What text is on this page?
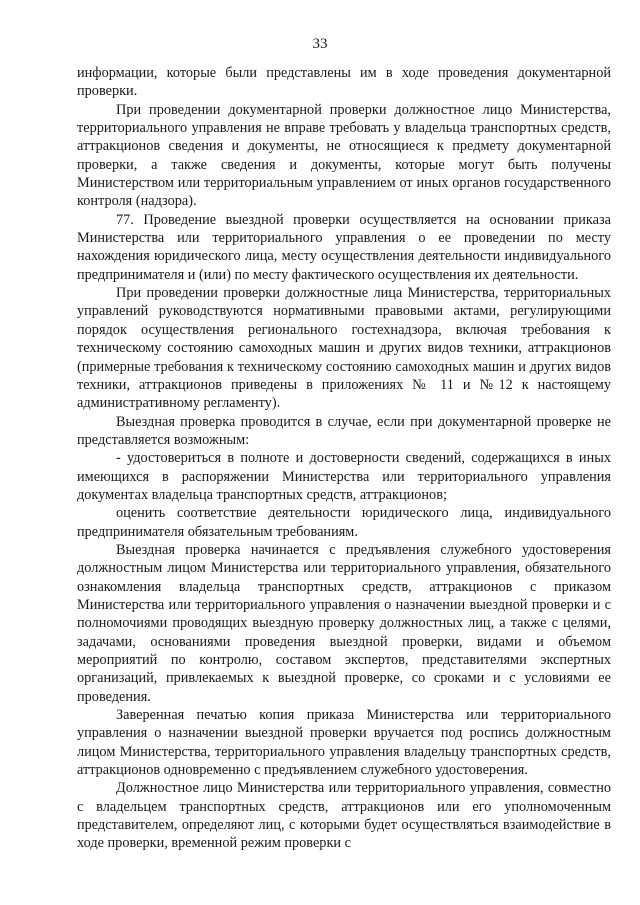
33

информации, которые были представлены им в ходе проведения документарной проверки.

При проведении документарной проверки должностное лицо Министерства, территориального управления не вправе требовать у владельца транспортных средств, аттракционов сведения и документы, не относящиеся к предмету документарной проверки, а также сведения и документы, которые могут быть получены Министерством или территориальным управлением от иных органов государственного контроля (надзора).

77. Проведение выездной проверки осуществляется на основании приказа Министерства или территориального управления о ее проведении по месту нахождения юридического лица, месту осуществления деятельности индивидуального предпринимателя и (или) по месту фактического осуществления их деятельности.

При проведении проверки должностные лица Министерства, территориальных управлений руководствуются нормативными правовыми актами, регулирующими порядок осуществления регионального гостехнадзора, включая требования к техническому состоянию самоходных машин и других видов техники, аттракционов (примерные требования к техническому состоянию самоходных машин и других видов техники, аттракционов приведены в приложениях № 11 и №12 к настоящему административному регламенту).

Выездная проверка проводится в случае, если при документарной проверке не представляется возможным:

- удостовериться в полноте и достоверности сведений, содержащихся в иных имеющихся в распоряжении Министерства или территориального управления документах владельца транспортных средств, аттракционов;

оценить соответствие деятельности юридического лица, индивидуального предпринимателя обязательным требованиям.

Выездная проверка начинается с предъявления служебного удостоверения должностным лицом Министерства или территориального управления, обязательного ознакомления владельца транспортных средств, аттракционов с приказом Министерства или территориального управления о назначении выездной проверки и с полномочиями проводящих выездную проверку должностных лиц, а также с целями, задачами, основаниями проведения выездной проверки, видами и объемом мероприятий по контролю, составом экспертов, представителями экспертных организаций, привлекаемых к выездной проверке, со сроками и с условиями ее проведения.

Заверенная печатью копия приказа Министерства или территориального управления о назначении выездной проверки вручается под роспись должностным лицом Министерства, территориального управления владельцу транспортных средств, аттракционов одновременно с предъявлением служебного удостоверения.

Должностное лицо Министерства или территориального управления, совместно с владельцем транспортных средств, аттракционов или его уполномоченным представителем, определяют лиц, с которыми будет осуществляться взаимодействие в ходе проверки, временной режим проверки с
